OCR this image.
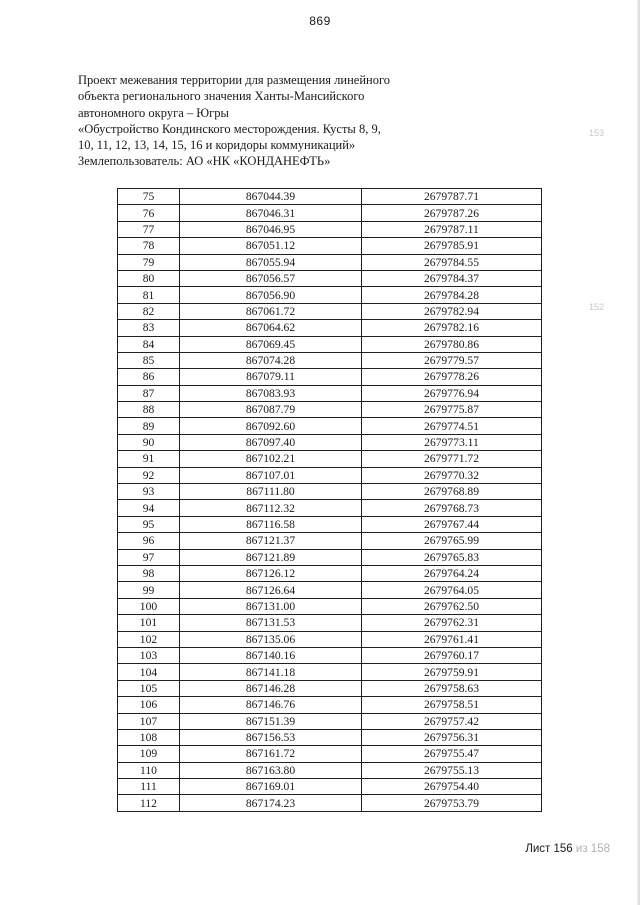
869
Проект межевания территории для размещения линейного
объекта регионального значения Ханты-Мансийского
автономного округа – Югры
«Обустройство Кондинского месторождения. Кусты 8, 9,
10, 11, 12, 13, 14, 15, 16 и коридоры коммуникаций»
Землепользователь: АО «НК «КОНДАНЕФТЬ»
153
152
75	867044.39	2679787.71
76	867046.31	2679787.26
77	867046.95	2679787.11
78	867051.12	2679785.91
79	867055.94	2679784.55
80	867056.57	2679784.37
81	867056.90	2679784.28
82	867061.72	2679782.94
83	867064.62	2679782.16
84	867069.45	2679780.86
85	867074.28	2679779.57
86	867079.11	2679778.26
87	867083.93	2679776.94
88	867087.79	2679775.87
89	867092.60	2679774.51
90	867097.40	2679773.11
91	867102.21	2679771.72
92	867107.01	2679770.32
93	867111.80	2679768.89
94	867112.32	2679768.73
95	867116.58	2679767.44
96	867121.37	2679765.99
97	867121.89	2679765.83
98	867126.12	2679764.24
99	867126.64	2679764.05
100	867131.00	2679762.50
101	867131.53	2679762.31
102	867135.06	2679761.41
103	867140.16	2679760.17
104	867141.18	2679759.91
105	867146.28	2679758.63
106	867146.76	2679758.51
107	867151.39	2679757.42
108	867156.53	2679756.31
109	867161.72	2679755.47
110	867163.80	2679755.13
111	867169.01	2679754.40
112	867174.23	2679753.79
Лист 156 из 158
